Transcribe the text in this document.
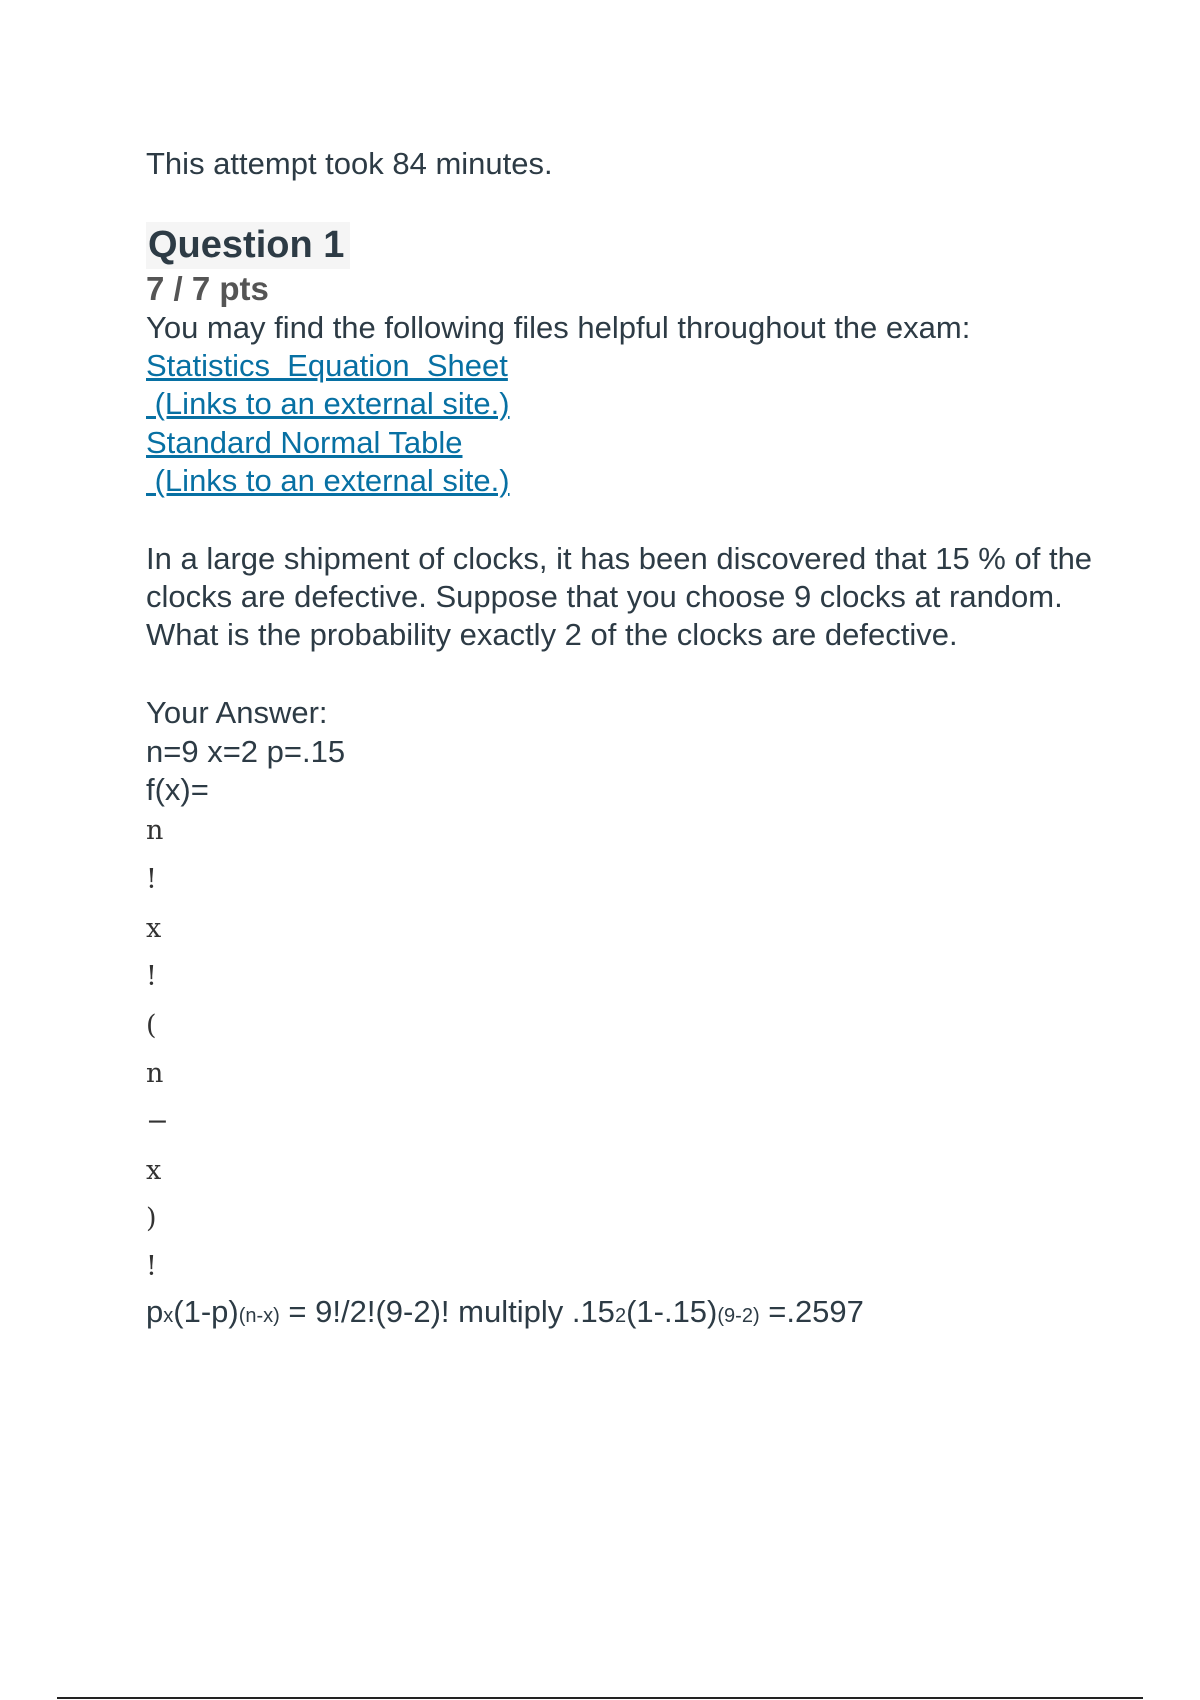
This attempt took 84 minutes.
Question 1
7 / 7 pts
You may find the following files helpful throughout the exam:
Statistics  Equation  Sheet
(Links to an external site.)
Standard Normal Table
(Links to an external site.)
In a large shipment of clocks, it has been discovered that 15 % of the clocks are defective. Suppose that you choose 9 clocks at random. What is the probability exactly 2 of the clocks are defective.
Your Answer:
n=9 x=2 p=.15
f(x)=
n
!
x
!
(
n
−
x
)
!
px(1-p)(n-x) = 9!/2!(9-2)! multiply .152(1-.15)(9-2) =.2597
